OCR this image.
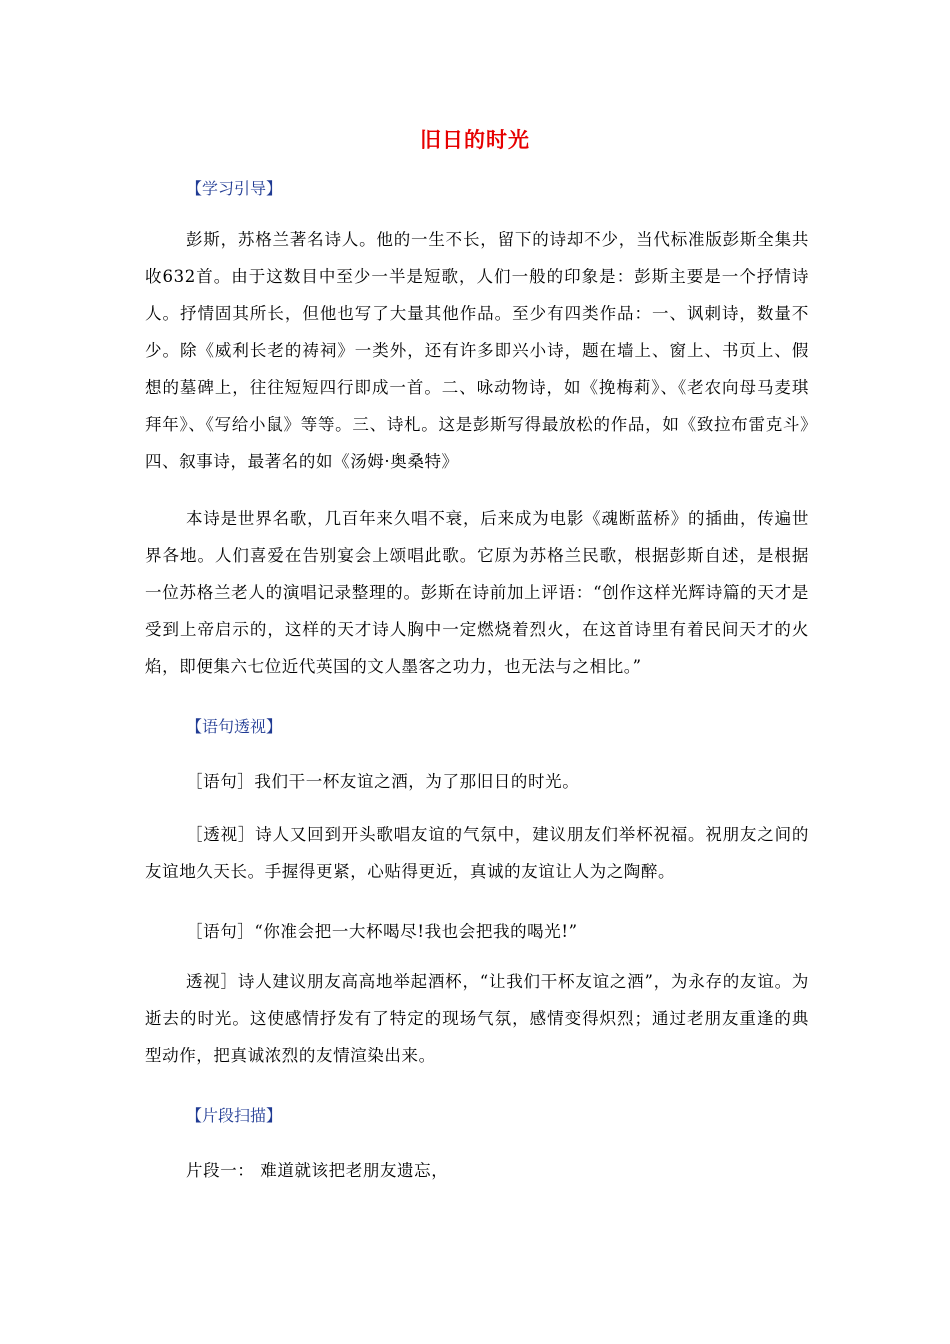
旧日的时光
【学习引导】

彭斯，苏格兰著名诗人。他的一生不长，留下的诗却不少，当代标准版彭斯全集共收632首。由于这数目中至少一半是短歌，人们一般的印象是：彭斯主要是一个抒情诗人。抒情固其所长，但他也写了大量其他作品。至少有四类作品：一、讽刺诗，数量不少。除《威利长老的祷祠》一类外，还有许多即兴小诗，题在墙上、窗上、书页上、假想的墓碑上，往往短短四行即成一首。二、咏动物诗，如《挽梅莉》、《老农向母马麦琪拜年》、《写给小鼠》等等。三、诗札。这是彭斯写得最放松的作品，如《致拉布雷克斗》四、叙事诗，最著名的如《汤姆·奥桑特》

本诗是世界名歌，几百年来久唱不衰，后来成为电影《魂断蓝桥》的插曲，传遍世界各地。人们喜爱在告别宴会上颂唱此歌。它原为苏格兰民歌，根据彭斯自述，是根据一位苏格兰老人的演唱记录整理的。彭斯在诗前加上评语：“创作这样光辉诗篇的天才是受到上帝启示的，这样的天才诗人胸中一定燃烧着烈火，在这首诗里有着民间天才的火焰，即便集六七位近代英国的文人墨客之功力，也无法与之相比。”

【语句透视】
［语句］我们干一杯友谊之酒，为了那旧日的时光。

［透视］诗人又回到开头歌唱友谊的气氛中，建议朋友们举杯祝福。祝朋友之间的友谊地久天长。手握得更紧，心贴得更近，真诚的友谊让人为之陶醉。

［语句］“你准会把一大杯喝尽!我也会把我的喝光!”

透视］诗人建议朋友高高地举起酒杯，“让我们干杯友谊之酒”，为永存的友谊。为逝去的时光。这使感情抒发有了特定的现场气氛，感情变得炽烈；通过老朋友重逢的典型动作，把真诚浓烈的友情渲染出来。

【片段扫描】
片段一： 难道就该把老朋友遗忘，
